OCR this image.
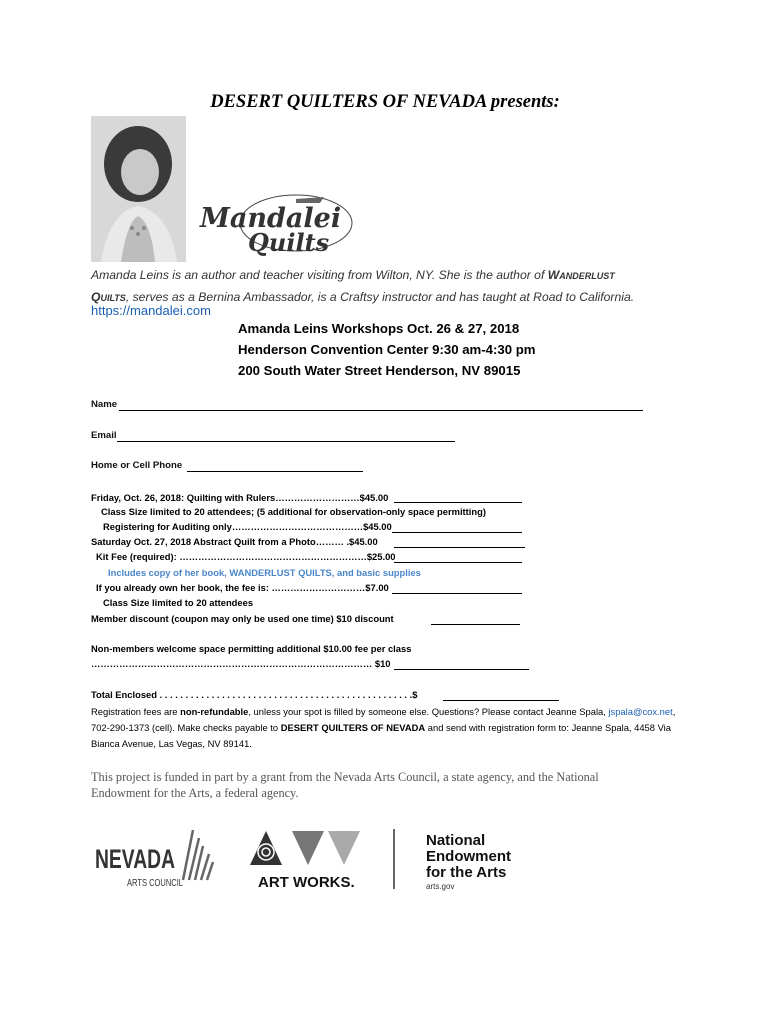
DESERT QUILTERS OF NEVADA presents:
Mandalei
Quilts
Amanda Leins is an author and teacher visiting from Wilton, NY. She is the author of Wanderlust
Quilts, serves as a Bernina Ambassador, is a Craftsy instructor and has taught at Road to California.
https://mandalei.com
Amanda Leins Workshops Oct. 26 & 27, 2018
Henderson Convention Center 9:30 am-4:30 pm
200 South Water Street Henderson, NV 89015
Name
Email
Home or Cell Phone
Friday, Oct. 26, 2018: Quilting with Rulers………………………$45.00
Class Size limited to 20 attendees; (5 additional for observation-only space permitting)
Registering for Auditing only……………………………………$45.00
Saturday Oct. 27, 2018 Abstract Quilt from a Photo……… .$45.00
Kit Fee (required): ……………………………………………………$25.00
Includes copy of her book, WANDERLUST QUILTS, and basic supplies
If you already own her book, the fee is: …………………………$7.00
Class Size limited to 20 attendees
Member discount (coupon may only be used one time) $10 discount
Non-members welcome space permitting additional $10.00 fee per class
……………………………………………………………………………… $10
Total Enclosed . . . . . . . . . . . . . . . . . . . . . . . . . . . . . . . . . . . . . . . . . . . . . . . . .$
Registration fees are non-refundable, unless your spot is filled by someone else. Questions? Please contact Jeanne Spala, jspala@cox.net, 702-290-1373 (cell). Make checks payable to DESERT QUILTERS OF NEVADA and send with registration form to: Jeanne Spala, 4458 Via Bianca Avenue, Las Vegas, NV 89141.
This project is funded in part by a grant from the Nevada Arts Council, a state agency, and the National Endowment for the Arts, a federal agency.
NEVADA
ARTS COUNCIL	ART WORKS.
National
Endowment
for the Arts
arts.gov
